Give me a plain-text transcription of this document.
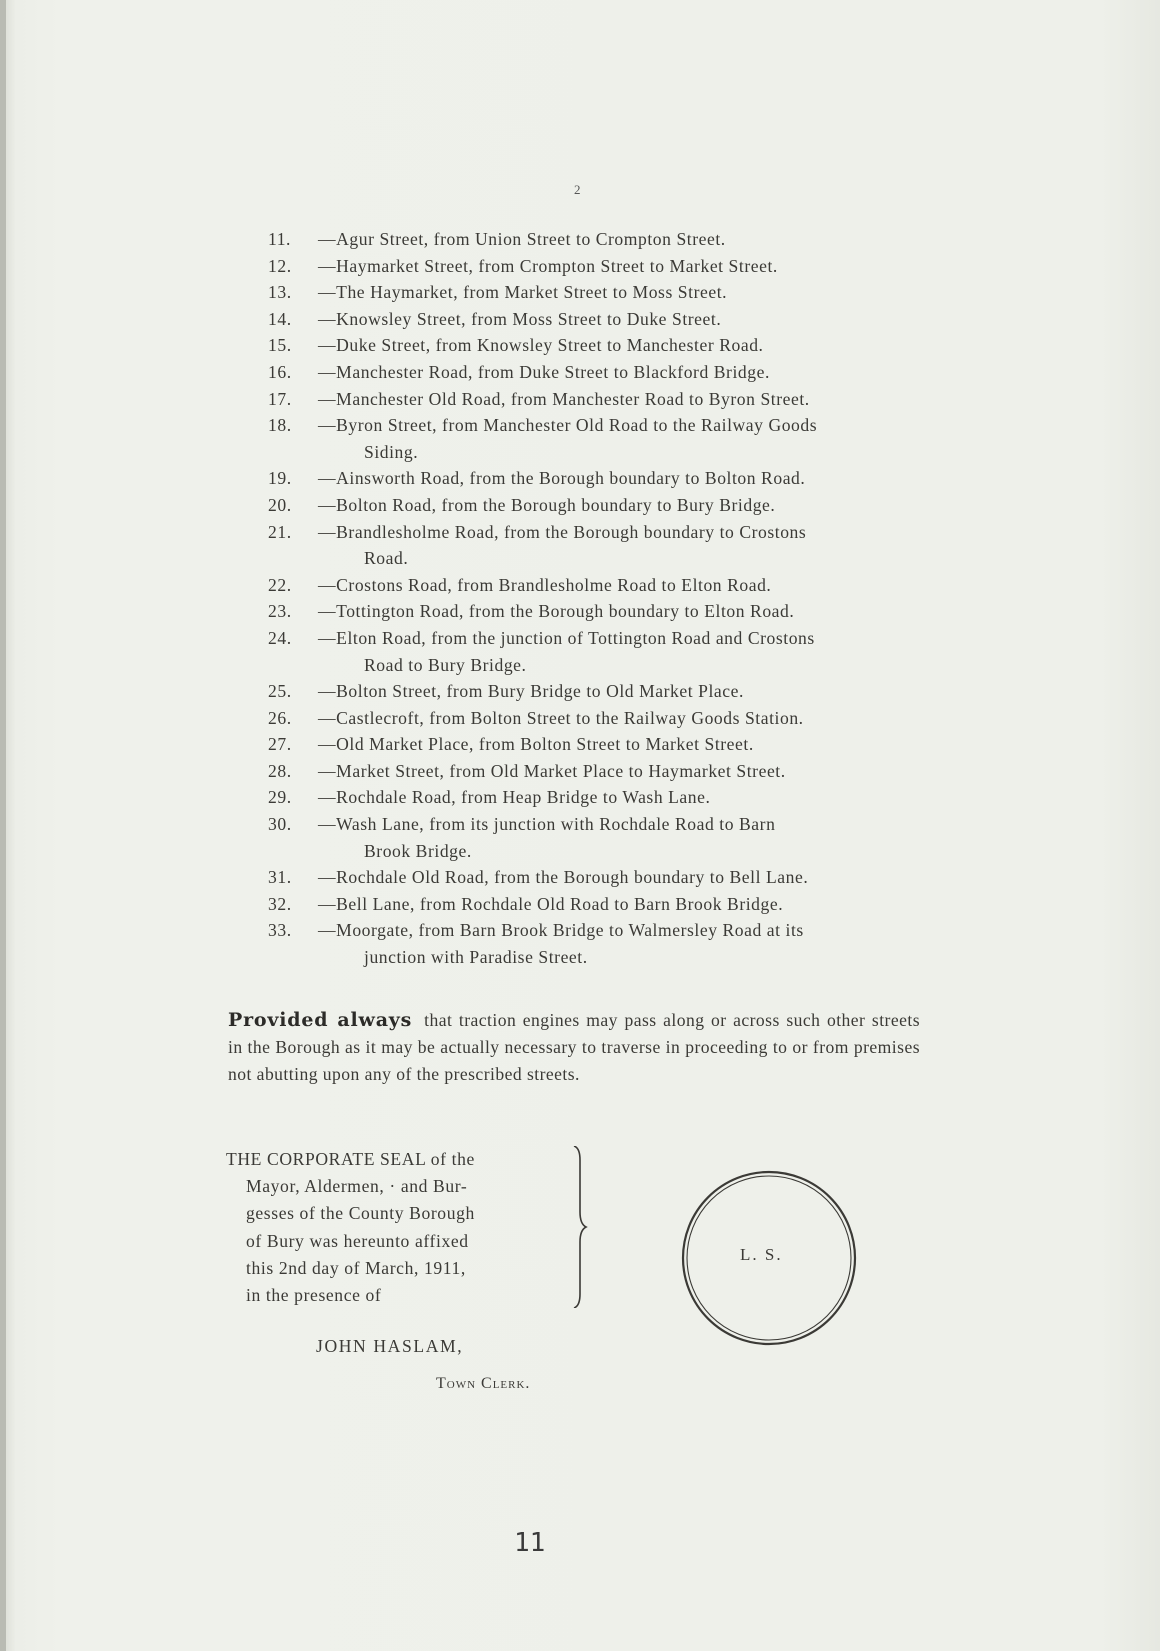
2
11. —Agur Street, from Union Street to Crompton Street.
12. —Haymarket Street, from Crompton Street to Market Street.
13. —The Haymarket, from Market Street to Moss Street.
14. —Knowsley Street, from Moss Street to Duke Street.
15. —Duke Street, from Knowsley Street to Manchester Road.
16. —Manchester Road, from Duke Street to Blackford Bridge.
17. —Manchester Old Road, from Manchester Road to Byron Street.
18. —Byron Street, from Manchester Old Road to the Railway Goods
Siding.
19. —Ainsworth Road, from the Borough boundary to Bolton Road.
20. —Bolton Road, from the Borough boundary to Bury Bridge.
21. —Brandlesholme Road, from the Borough boundary to Crostons
Road.
22. —Crostons Road, from Brandlesholme Road to Elton Road.
23. —Tottington Road, from the Borough boundary to Elton Road.
24. —Elton Road, from the junction of Tottington Road and Crostons
Road to Bury Bridge.
25. —Bolton Street, from Bury Bridge to Old Market Place.
26. —Castlecroft, from Bolton Street to the Railway Goods Station.
27. —Old Market Place, from Bolton Street to Market Street.
28. —Market Street, from Old Market Place to Haymarket Street.
29. —Rochdale Road, from Heap Bridge to Wash Lane.
30. —Wash Lane, from its junction with Rochdale Road to Barn
Brook Bridge.
31. —Rochdale Old Road, from the Borough boundary to Bell Lane.
32. —Bell Lane, from Rochdale Old Road to Barn Brook Bridge.
33. —Moorgate, from Barn Brook Bridge to Walmersley Road at its
junction with Paradise Street.

Provided always that traction engines may pass along or across such other streets in the Borough as it may be actually necessary to traverse in proceeding to or from premises not abutting upon any of the prescribed streets.

THE CORPORATE SEAL of the
Mayor, Aldermen, · and Bur-
gesses of the County Borough
of Bury was hereunto affixed
this 2nd day of March, 1911,
in the presence of
L. S.
JOHN HASLAM,
Town Clerk.
11
